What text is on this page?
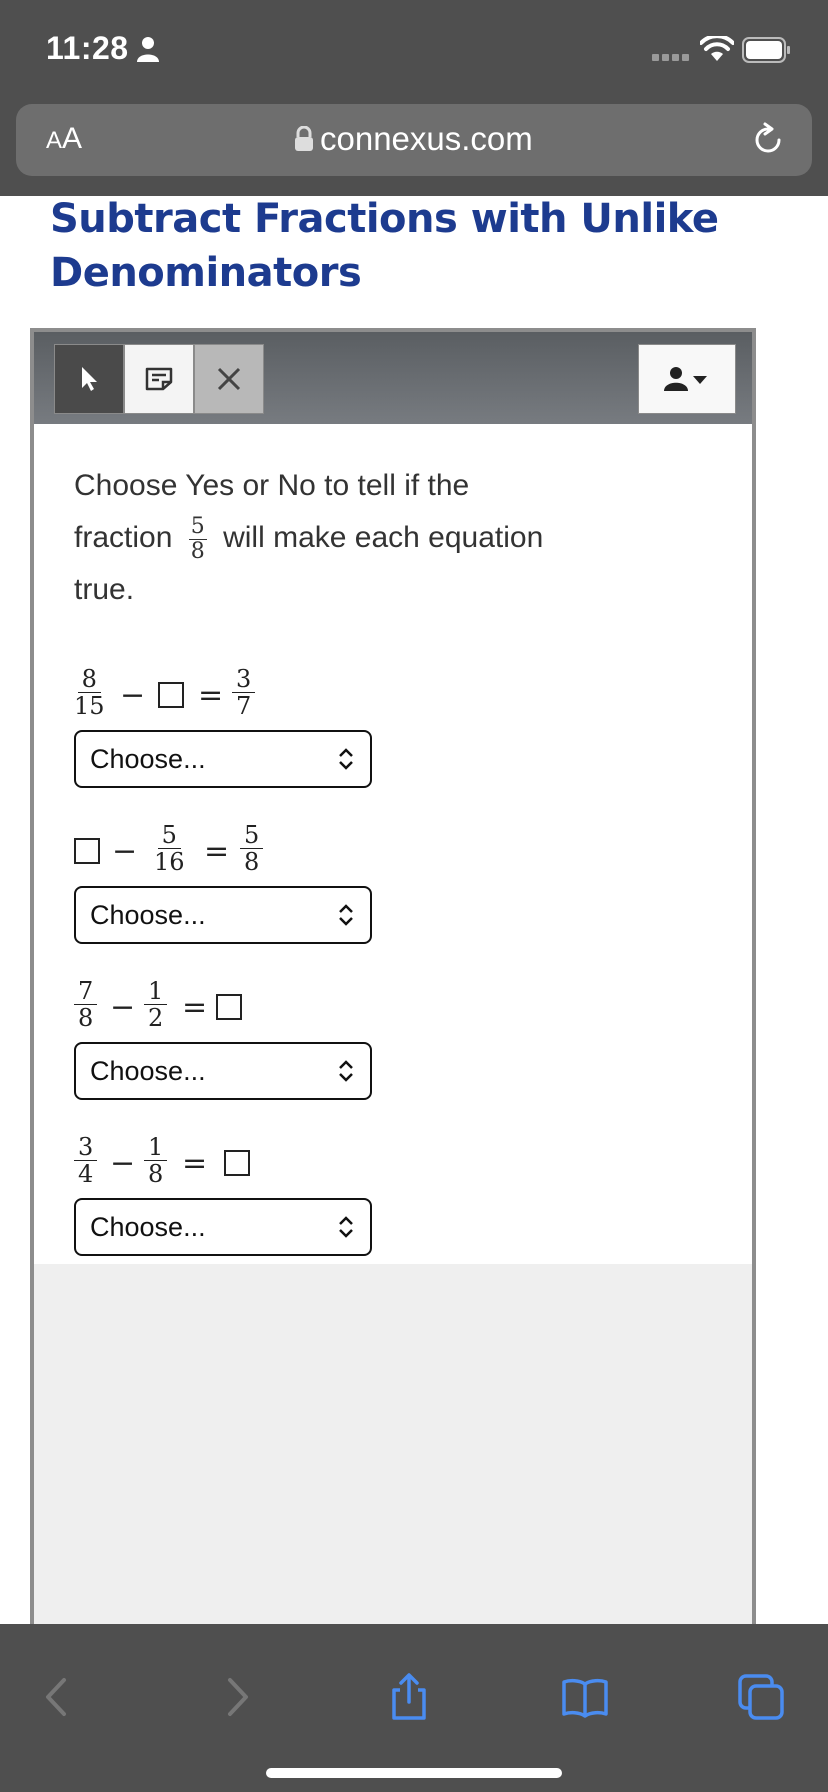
11:28
AA	connexus.com
Subtract Fractions with Unlike Denominators
Choose Yes or No to tell if the fraction $\frac{5}{8}$ will make each equation true.
$\frac{8}{15}$ − = $\frac{3}{7}$
Choose...
− $\frac{5}{16} = \frac{5}{8}$
Choose...
$\frac{7}{8} - \frac{1}{2}$ =
Choose...
$\frac{3}{4} - \frac{1}{8}$ =
Choose...
